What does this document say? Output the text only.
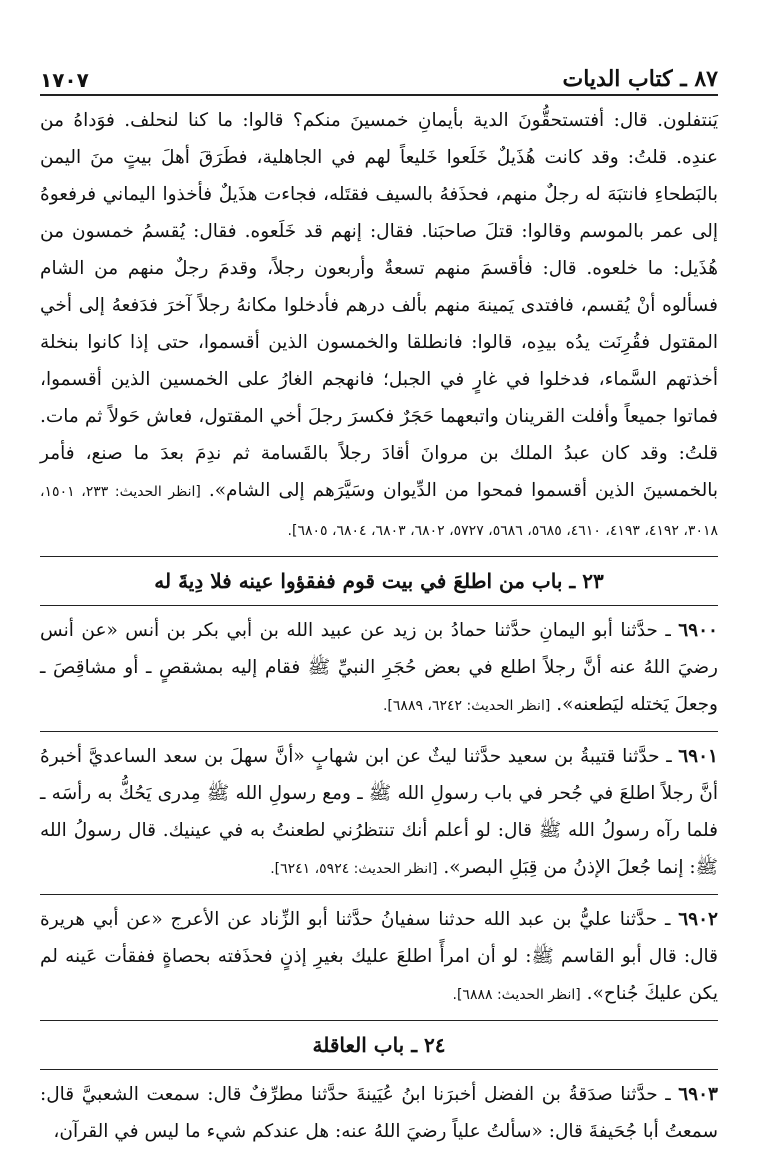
٨٧ ـ كتاب الديات
١٧٠٧

يَنتفلون. قال: أفتستحقُّونَ الدية بأيمانِ خمسينَ منكم؟ قالوا: ما كنا لنحلف. فوَداهُ من عندِه. قلتُ: وقد كانت هُذَيلٌ خَلَعوا خَليعاً لهم في الجاهلية، فطَرَقَ أهلَ بيتٍ منَ اليمن بالبَطحاءِ فانتبَهَ له رجلٌ منهم، فحذَفهُ بالسيف فقتَله، فجاءت هذَيلٌ فأخذوا اليماني فرفعوهُ إلى عمر بالموسم وقالوا: قتلَ صاحبَنا. فقال: إنهم قد خَلَعوه. فقال: يُقسمُ خمسون من هُذَيل: ما خلعوه. قال: فأقسمَ منهم تسعةٌ وأربعون رجلاً، وقدمَ رجلٌ منهم من الشام فسألوه أنْ يُقسم، فافتدى يَمينهَ منهم بألف درهم فأدخلوا مكانهُ رجلاً آخرَ فدَفعهُ إلى أخي المقتول فقُرِنَت يدُه بيدِه، قالوا: فانطلقا والخمسون الذين أقسموا، حتى إذا كانوا بنخلة أخذتهم السَّماء، فدخلوا في غارٍ في الجبل؛ فانهجم الغارُ على الخمسين الذين أقسموا، فماتوا جميعاً وأفلت القرينان واتبعهما حَجَرٌ فكسرَ رجلَ أخي المقتول، فعاش حَولاً ثم مات. قلتُ: وقد كان عبدُ الملك بن مروانَ أقادَ رجلاً بالقَسامة ثم ندِمَ بعدَ ما صنع، فأمر بالخمسينَ الذين أقسموا فمحوا من الدِّيوان وسَيَّرَهم إلى الشام». [انظر الحديث: ٢٣٣، ١٥٠١، ٣٠١٨، ٤١٩٢، ٤١٩٣، ٤٦١٠، ٥٦٨٥، ٥٦٨٦، ٥٧٢٧، ٦٨٠٢، ٦٨٠٣، ٦٨٠٤، ٦٨٠٥].

٢٣ ـ باب من اطلعَ في بيت قوم ففقؤوا عينه فلا دِيةَ له

٦٩٠٠ ـ حدَّثنا أبو اليمانِ حدَّثنا حمادُ بن زيد عن عبيد الله بن أبي بكر بن أنس «عن أنس رضيَ اللهُ عنه أنَّ رجلاً اطلع في بعض حُجَرِ النبيِّ ﷺ فقام إليه بمشقصٍ ـ أو مشاقِصَ ـ وجعلَ يَختله ليَطعنه». [انظر الحديث: ٦٢٤٢، ٦٨٨٩].

٦٩٠١ ـ حدَّثنا قتيبةُ بن سعيد حدَّثنا ليثٌ عن ابن شهابٍ «أنَّ سهلَ بن سعد الساعديَّ أخبرهُ أنَّ رجلاً اطلعَ في جُحر في باب رسولِ الله ﷺ ـ ومع رسولِ الله ﷺ مِدرى يَحُكُّ به رأسَه ـ فلما رآه رسولُ الله ﷺ قال: لو أعلم أنك تنتظرُني لطعنتُ به في عينيك. قال رسولُ الله ﷺ: إنما جُعلَ الإذنُ من قِبَلِ البصر». [انظر الحديث: ٥٩٢٤، ٦٢٤١].

٦٩٠٢ ـ حدَّثنا عليُّ بن عبد الله حدثنا سفيانُ حدَّثنا أبو الزِّناد عن الأعرج «عن أبي هريرة قال: قال أبو القاسم ﷺ: لو أن امرأً اطلعَ عليك بغيرِ إذنٍ فحذَفته بحصاةٍ ففقأت عَينه لم يكن عليكَ جُناح». [انظر الحديث: ٦٨٨٨].

٢٤ ـ باب العاقلة

٦٩٠٣ ـ حدَّثنا صدَقةُ بن الفضل أخبرَنا ابنُ عُيَينةَ حدَّثنا مطرِّفٌ قال: سمعت الشعبيَّ قال: سمعتُ أبا جُحَيفةَ قال: «سألتُ علياً رضيَ اللهُ عنه: هل عندكم شيء ما ليس في القرآن،
